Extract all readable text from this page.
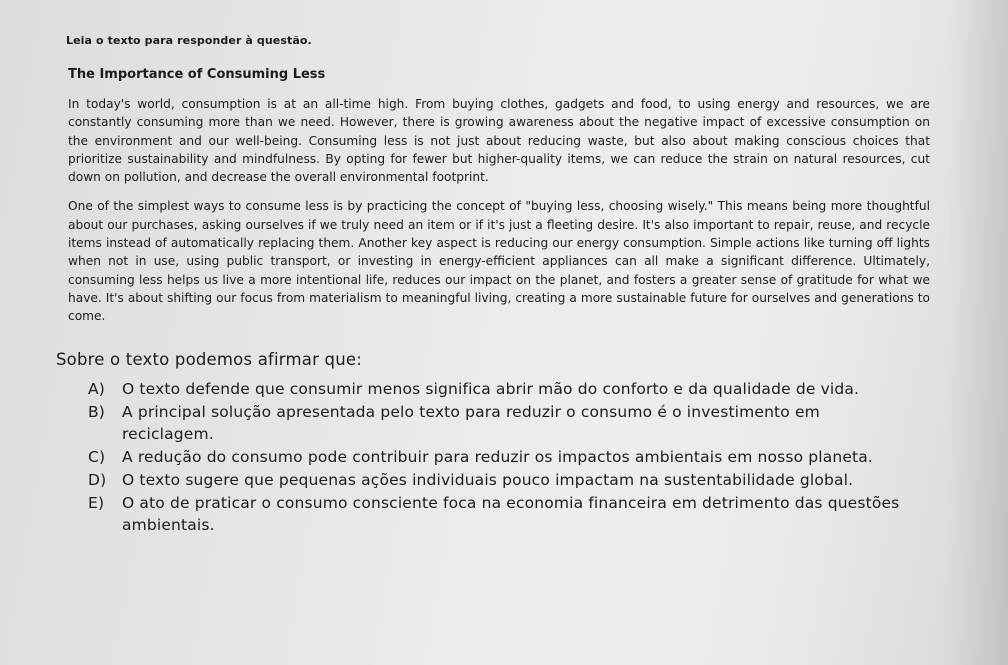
Leia o texto para responder à questão.
The Importance of Consuming Less

In today's world, consumption is at an all-time high. From buying clothes, gadgets and food, to using energy and resources, we are constantly consuming more than we need. However, there is growing awareness about the negative impact of excessive consumption on the environment and our well-being. Consuming less is not just about reducing waste, but also about making conscious choices that prioritize sustainability and mindfulness. By opting for fewer but higher-quality items, we can reduce the strain on natural resources, cut down on pollution, and decrease the overall environmental footprint.

One of the simplest ways to consume less is by practicing the concept of "buying less, choosing wisely." This means being more thoughtful about our purchases, asking ourselves if we truly need an item or if it's just a fleeting desire. It's also important to repair, reuse, and recycle items instead of automatically replacing them. Another key aspect is reducing our energy consumption. Simple actions like turning off lights when not in use, using public transport, or investing in energy-efficient appliances can all make a significant difference. Ultimately, consuming less helps us live a more intentional life, reduces our impact on the planet, and fosters a greater sense of gratitude for what we have. It's about shifting our focus from materialism to meaningful living, creating a more sustainable future for ourselves and generations to come.

Sobre o texto podemos afirmar que:
A)	O texto defende que consumir menos significa abrir mão do conforto e da qualidade de vida.
B)	A principal solução apresentada pelo texto para reduzir o consumo é o investimento em reciclagem.
C)	A redução do consumo pode contribuir para reduzir os impactos ambientais em nosso planeta.
D)	O texto sugere que pequenas ações individuais pouco impactam na sustentabilidade global.
E)	O ato de praticar o consumo consciente foca na economia financeira em detrimento das questões ambientais.
